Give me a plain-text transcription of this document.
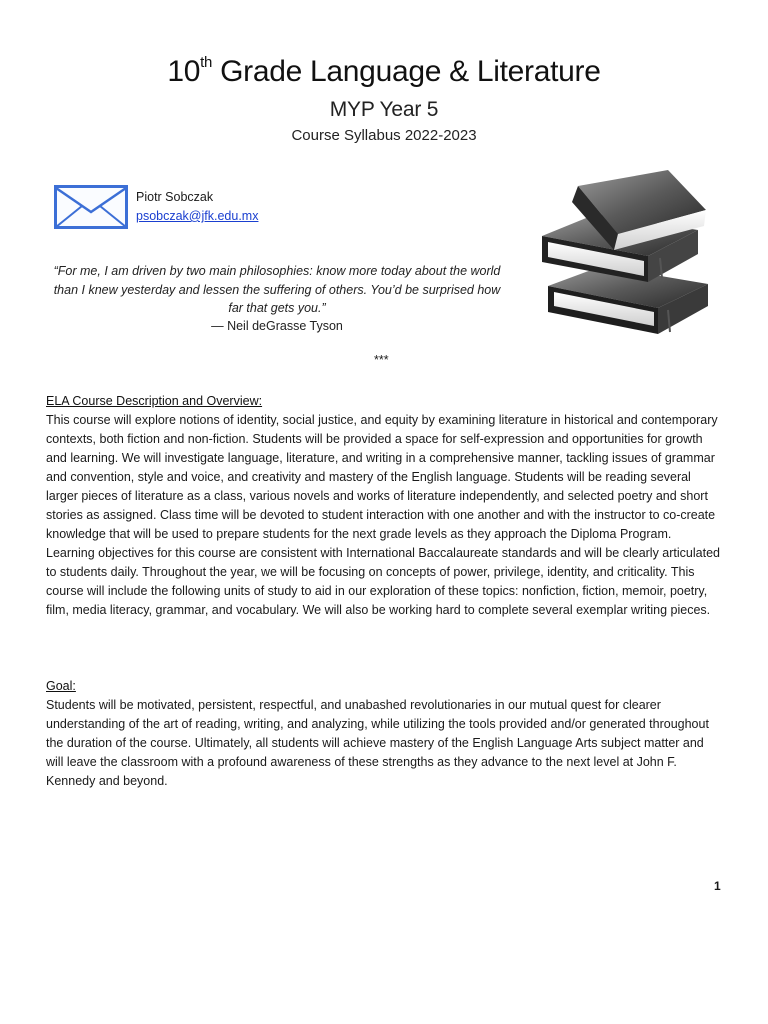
10th Grade Language & Literature
MYP Year 5
Course Syllabus 2022-2023
Piotr Sobczak
psobczak@jfk.edu.mx
“For me, I am driven by two main philosophies: know more today about the world than I knew yesterday and lessen the suffering of others. You’d be surprised how far that gets you.”
— Neil deGrasse Tyson
***
ELA Course Description and Overview:
This course will explore notions of identity, social justice, and equity by examining literature in historical and contemporary contexts, both fiction and non-fiction. Students will be provided a space for self-expression and opportunities for growth and learning. We will investigate language, literature, and writing in a comprehensive manner, tackling issues of grammar and convention, style and voice, and creativity and mastery of the English language. Students will be reading several larger pieces of literature as a class, various novels and works of literature independently, and selected poetry and short stories as assigned. Class time will be devoted to student interaction with one another and with the instructor to co-create knowledge that will be used to prepare students for the next grade levels as they approach the Diploma Program. Learning objectives for this course are consistent with International Baccalaureate standards and will be clearly articulated to students daily. Throughout the year, we will be focusing on concepts of power, privilege, identity, and criticality. This course will include the following units of study to aid in our exploration of these topics: nonfiction, fiction, memoir, poetry, film, media literacy, grammar, and vocabulary. We will also be working hard to complete several exemplar writing pieces.
Goal:
Students will be motivated, persistent, respectful, and unabashed revolutionaries in our mutual quest for clearer understanding of the art of reading, writing, and analyzing, while utilizing the tools provided and/or generated throughout the duration of the course. Ultimately, all students will achieve mastery of the English Language Arts subject matter and will leave the classroom with a profound awareness of these strengths as they advance to the next level at John F. Kennedy and beyond.
1
